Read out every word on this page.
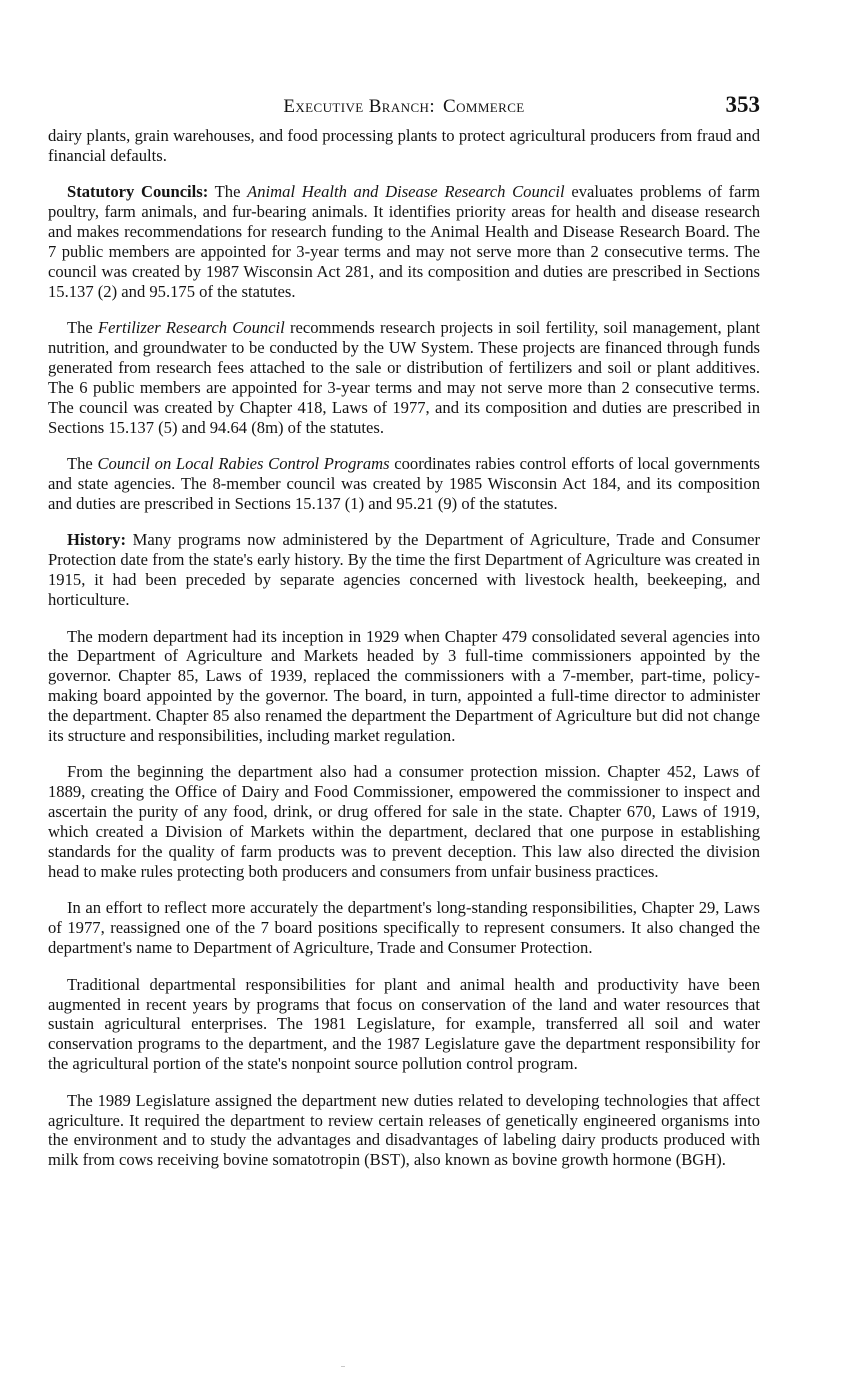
Executive Branch: Commerce	353

dairy plants, grain warehouses, and food processing plants to protect agricultural producers from fraud and financial defaults.

Statutory Councils: The Animal Health and Disease Research Council evaluates problems of farm poultry, farm animals, and fur-bearing animals. It identifies priority areas for health and disease research and makes recommendations for research funding to the Animal Health and Disease Research Board. The 7 public members are appointed for 3-year terms and may not serve more than 2 consecutive terms. The council was created by 1987 Wisconsin Act 281, and its composition and duties are prescribed in Sections 15.137 (2) and 95.175 of the statutes.

The Fertilizer Research Council recommends research projects in soil fertility, soil management, plant nutrition, and groundwater to be conducted by the UW System. These projects are financed through funds generated from research fees attached to the sale or distribution of fertilizers and soil or plant additives. The 6 public members are appointed for 3-year terms and may not serve more than 2 consecutive terms. The council was created by Chapter 418, Laws of 1977, and its composition and duties are prescribed in Sections 15.137 (5) and 94.64 (8m) of the statutes.

The Council on Local Rabies Control Programs coordinates rabies control efforts of local governments and state agencies. The 8-member council was created by 1985 Wisconsin Act 184, and its composition and duties are prescribed in Sections 15.137 (1) and 95.21 (9) of the statutes.

History: Many programs now administered by the Department of Agriculture, Trade and Consumer Protection date from the state's early history. By the time the first Department of Agriculture was created in 1915, it had been preceded by separate agencies concerned with livestock health, beekeeping, and horticulture.

The modern department had its inception in 1929 when Chapter 479 consolidated several agencies into the Department of Agriculture and Markets headed by 3 full-time commissioners appointed by the governor. Chapter 85, Laws of 1939, replaced the commissioners with a 7-member, part-time, policy-making board appointed by the governor. The board, in turn, appointed a full-time director to administer the department. Chapter 85 also renamed the department the Department of Agriculture but did not change its structure and responsibilities, including market regulation.

From the beginning the department also had a consumer protection mission. Chapter 452, Laws of 1889, creating the Office of Dairy and Food Commissioner, empowered the commissioner to inspect and ascertain the purity of any food, drink, or drug offered for sale in the state. Chapter 670, Laws of 1919, which created a Division of Markets within the department, declared that one purpose in establishing standards for the quality of farm products was to prevent deception. This law also directed the division head to make rules protecting both producers and consumers from unfair business practices.

In an effort to reflect more accurately the department's long-standing responsibilities, Chapter 29, Laws of 1977, reassigned one of the 7 board positions specifically to represent consumers. It also changed the department's name to Department of Agriculture, Trade and Consumer Protection.

Traditional departmental responsibilities for plant and animal health and productivity have been augmented in recent years by programs that focus on conservation of the land and water resources that sustain agricultural enterprises. The 1981 Legislature, for example, transferred all soil and water conservation programs to the department, and the 1987 Legislature gave the department responsibility for the agricultural portion of the state's nonpoint source pollution control program.

The 1989 Legislature assigned the department new duties related to developing technologies that affect agriculture. It required the department to review certain releases of genetically engineered organisms into the environment and to study the advantages and disadvantages of labeling dairy products produced with milk from cows receiving bovine somatotropin (BST), also known as bovine growth hormone (BGH).
